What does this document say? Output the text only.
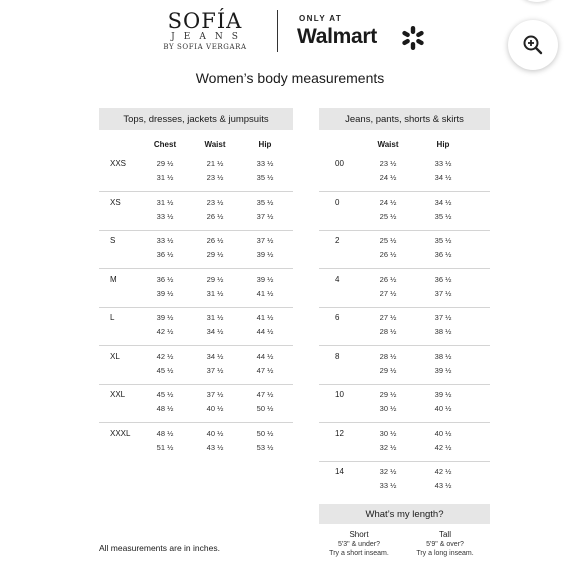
SOFÍA
JEANS
BY SOFIA VERGARA
ONLY AT
Walmart
Women’s body measurements
Tops, dresses, jackets & jumpsuits	Jeans, pants, shorts & skirts
What’s my length?
Short
5'3" & under?
Try a short inseam.
Tall
5'9" & over?
Try a long inseam.
All measurements are in inches.
Chest	Waist	Hip
XXS	29 ½	21 ½	33 ½
31 ½	23 ½	35 ½
XS	31 ½	23 ½	35 ½
33 ½	26 ½	37 ½
S	33 ½	26 ½	37 ½
36 ½	29 ½	39 ½
M	36 ½	29 ½	39 ½
39 ½	31 ½	41 ½
L	39 ½	31 ½	41 ½
42 ½	34 ½	44 ½
XL	42 ½	34 ½	44 ½
45 ½	37 ½	47 ½
XXL	45 ½	37 ½	47 ½
48 ½	40 ½	50 ½
XXXL	48 ½	40 ½	50 ½
51 ½	43 ½	53 ½
Waist	Hip
00	23 ½	33 ½
24 ½	34 ½
0	24 ½	34 ½
25 ½	35 ½
2	25 ½	35 ½
26 ½	36 ½
4	26 ½	36 ½
27 ½	37 ½
6	27 ½	37 ½
28 ½	38 ½
8	28 ½	38 ½
29 ½	39 ½
10	29 ½	39 ½
30 ½	40 ½
12	30 ½	40 ½
32 ½	42 ½
14	32 ½	42 ½
33 ½	43 ½
